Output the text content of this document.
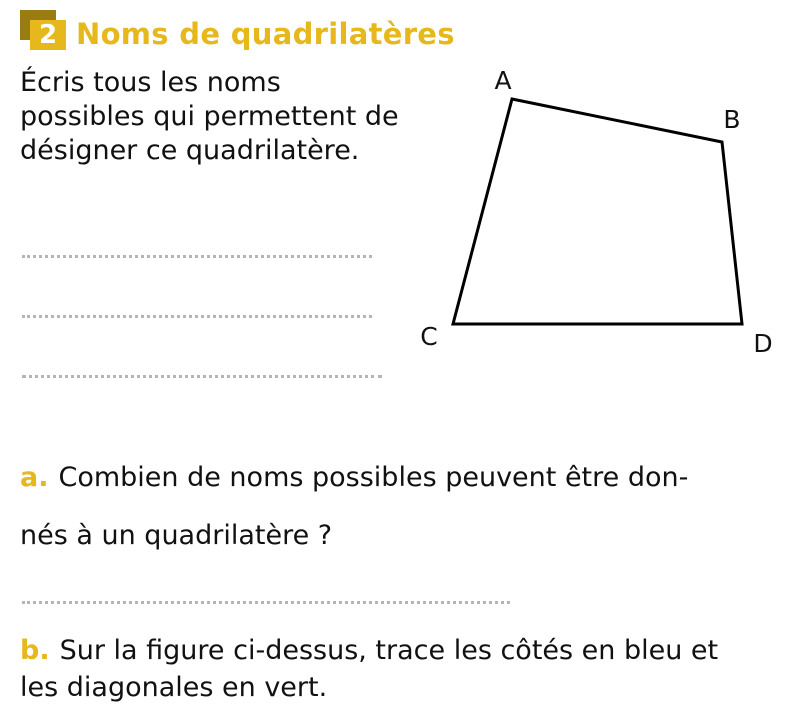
2 Noms de quadrilatères
Écris tous les noms possibles qui permettent de désigner ce quadrilatère.
A
B
C	D
a. Combien de noms possibles peuvent être don-
nés à un quadrilatère ?
b. Sur la figure ci-dessus, trace les côtés en bleu et
les diagonales en vert.
